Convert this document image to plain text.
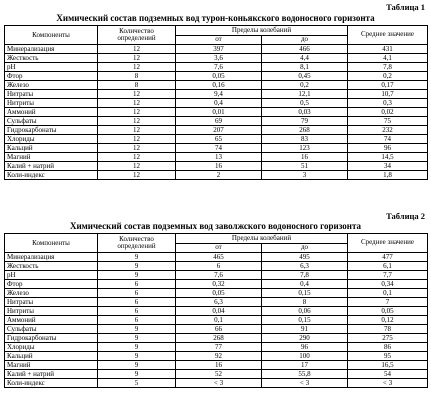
Таблица 1
Химический состав подземных вод турон-коньякского водоносного горизонта
Компоненты	Количество определений	Пределы колебаний		Среднее значение
		от	до	
Минерализация	12	397	466	431
Жесткость	12	3,6	4,4	4,1
pH	12	7,6	8,1	7,8
Фтор	8	0,05	0,45	0,2
Железо	8	0,16	0,2	0,17
Нитраты	12	9,4	12,1	10,7
Нитриты	12	0,4	0,5	0,3
Аммоний	12	0,01	0,03	0,02
Сульфаты	12	69	79	75
Гидрокарбонаты	12	207	268	232
Хлориды	12	65	83	74
Кальций	12	74	123	96
Магний	12	13	16	14,5
Калий + натрий	12	16	51	34
Коли-индекс	12	2	3	1,8
Таблица 2
Химический состав подземных вод заволжского водоносного горизонта
Компоненты	Количество определений	Пределы колебаний		Среднее значение
		от	до	
Минерализация	9	465	495	477
Жесткость	9	6	6,3	6,1
pH	9	7,6	7,8	7,7
Фтор	6	0,32	0,4	0,34
Железо	6	0,05	0,15	0,1
Нитраты	6	6,3	8	7
Нитриты	6	0,04	0,06	0,05
Аммоний	6	0,1	0,15	0,12
Сульфаты	9	66	91	78
Гидрокарбонаты	9	268	290	275
Хлориды	9	77	96	86
Кальций	9	92	100	95
Магний	9	16	17	16,5
Калий + натрий	9	52	55,8	54
Коли-индекс	5	< 3	< 3	< 3
